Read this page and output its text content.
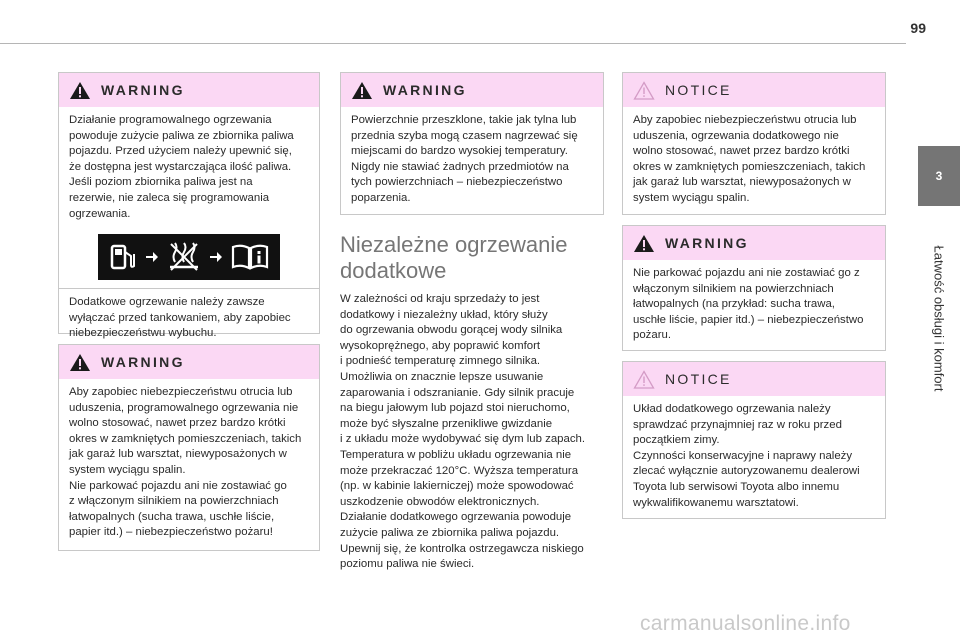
99
3
Łatwość obsługi i komfort
WARNING
Działanie programowalnego ogrzewania
powoduje zużycie paliwa ze zbiornika paliwa
pojazdu. Przed użyciem należy upewnić się,
że dostępna jest wystarczająca ilość paliwa.
Jeśli poziom zbiornika paliwa jest na
rezerwie, nie zaleca się programowania
ogrzewania.
Dodatkowe ogrzewanie należy zawsze
wyłączać przed tankowaniem, aby zapobiec
niebezpieczeństwu wybuchu.
WARNING
Aby zapobiec niebezpieczeństwu otrucia lub
uduszenia, programowalnego ogrzewania nie
wolno stosować, nawet przez bardzo krótki
okres w zamkniętych pomieszczeniach, takich
jak garaż lub warsztat, niewyposażonych w
system wyciągu spalin.
Nie parkować pojazdu ani nie zostawiać go
z włączonym silnikiem na powierzchniach
łatwopalnych (sucha trawa, uschłe liście,
papier itd.) – niebezpieczeństwo pożaru!
WARNING
Powierzchnie przeszklone, takie jak tylna lub
przednia szyba mogą czasem nagrzewać się
miejscami do bardzo wysokiej temperatury.
Nigdy nie stawiać żadnych przedmiotów na
tych powierzchniach – niebezpieczeństwo
poparzenia.
Niezależne ogrzewanie
dodatkowe
W zależności od kraju sprzedaży to jest
dodatkowy i niezależny układ, który służy
do ogrzewania obwodu gorącej wody silnika
wysokoprężnego, aby poprawić komfort
i podnieść temperaturę zimnego silnika.
Umożliwia on znacznie lepsze usuwanie
zaparowania i odszranianie. Gdy silnik pracuje
na biegu jałowym lub pojazd stoi nieruchomo,
może być słyszalne przenikliwe gwizdanie
i z układu może wydobywać się dym lub zapach.
Temperatura w pobliżu układu ogrzewania nie
może przekraczać 120°C. Wyższa temperatura
(np. w kabinie lakierniczej) może spowodować
uszkodzenie obwodów elektronicznych.
Działanie dodatkowego ogrzewania powoduje
zużycie paliwa ze zbiornika paliwa pojazdu.
Upewnij się, że kontrolka ostrzegawcza niskiego
poziomu paliwa nie świeci.
NOTICE
Aby zapobiec niebezpieczeństwu otrucia lub
uduszenia, ogrzewania dodatkowego nie
wolno stosować, nawet przez bardzo krótki
okres w zamkniętych pomieszczeniach, takich
jak garaż lub warsztat, niewyposażonych w
system wyciągu spalin.
WARNING
Nie parkować pojazdu ani nie zostawiać go z
włączonym silnikiem na powierzchniach
łatwopalnych (na przykład: sucha trawa,
uschłe liście, papier itd.) – niebezpieczeństwo
pożaru.
NOTICE
Układ dodatkowego ogrzewania należy
sprawdzać przynajmniej raz w roku przed
początkiem zimy.
Czynności konserwacyjne i naprawy należy
zlecać wyłącznie autoryzowanemu dealerowi
Toyota lub serwisowi Toyota albo innemu
wykwalifikowanemu warsztatowi.
carmanualsonline.info
